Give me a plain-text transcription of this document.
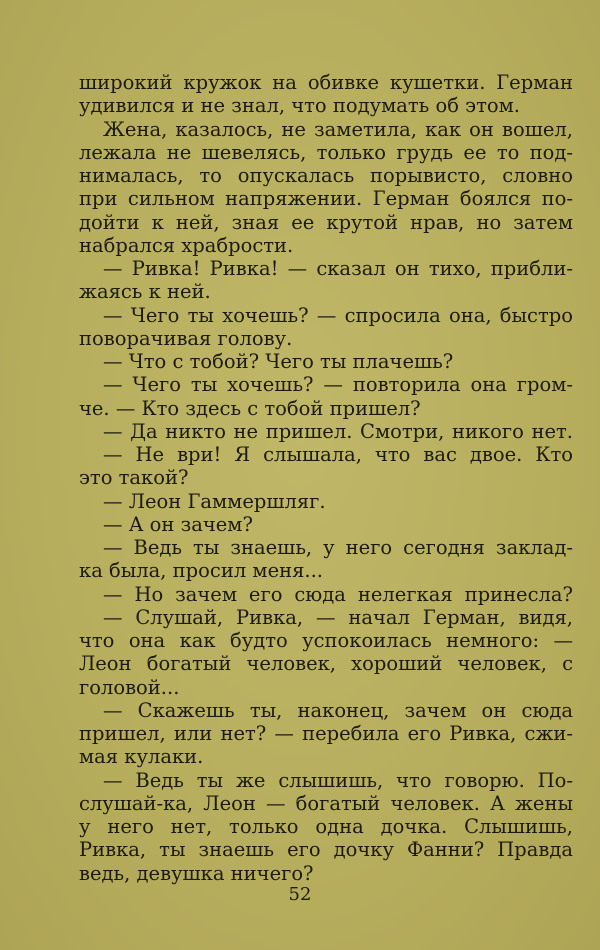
широкий кружок на обивке кушетки. Герман
удивился и не знал, что подумать об этом.
Жена, казалось, не заметила, как он вошел,
лежала не шевелясь, только грудь ее то под-
нималась, то опускалась порывисто, словно
при сильном напряжении. Герман боялся по-
дойти к ней, зная ее крутой нрав, но затем
набрался храбрости.
— Ривка! Ривка! — сказал он тихо, прибли-
жаясь к ней.
— Чего ты хочешь? — спросила она, быстро
поворачивая голову.
— Что с тобой? Чего ты плачешь?
— Чего ты хочешь? — повторила она гром-
че. — Кто здесь с тобой пришел?
— Да никто не пришел. Смотри, никого нет.
— Не ври! Я слышала, что вас двое. Кто
это такой?
— Леон Гаммершляг.
— А он зачем?
— Ведь ты знаешь, у него сегодня заклад-
ка была, просил меня...
— Но зачем его сюда нелегкая принесла?
— Слушай, Ривка, — начал Герман, видя,
что она как будто успокоилась немного: —
Леон богатый человек, хороший человек, с
головой...
— Скажешь ты, наконец, зачем он сюда
пришел, или нет? — перебила его Ривка, сжи-
мая кулаки.
— Ведь ты же слышишь, что говорю. По-
слушай-ка, Леон — богатый человек. А жены
у него нет, только одна дочка. Слышишь,
Ривка, ты знаешь его дочку Фанни? Правда
ведь, девушка ничего?
52
